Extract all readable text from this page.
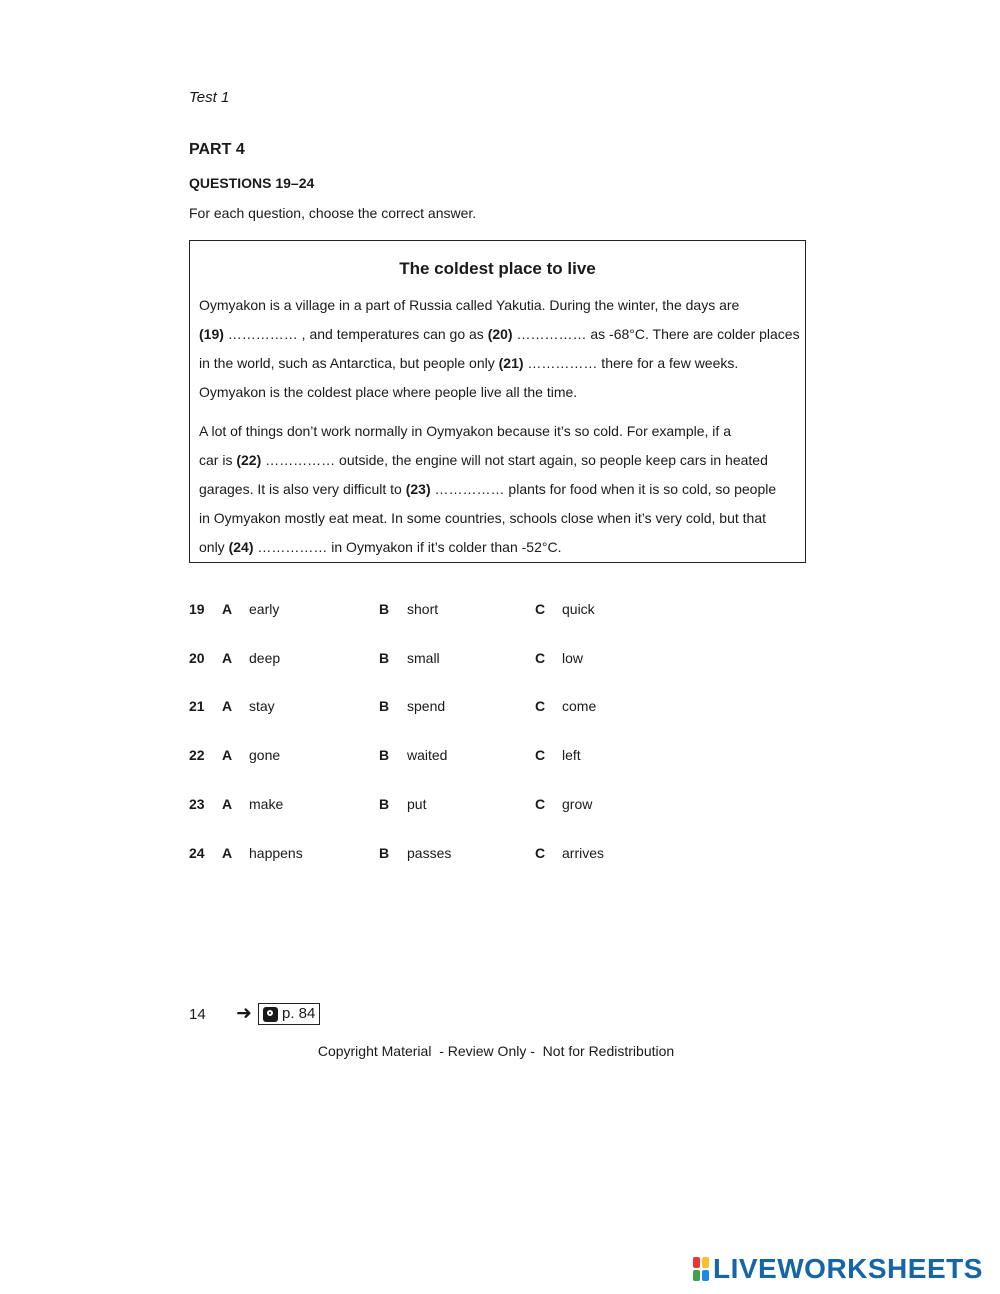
Test 1
PART 4
QUESTIONS 19–24
For each question, choose the correct answer.
The coldest place to live
Oymyakon is a village in a part of Russia called Yakutia. During the winter, the days are
(19) …………… , and temperatures can go as (20) …………… as -68°C. There are colder places
in the world, such as Antarctica, but people only (21) …………… there for a few weeks.
Oymyakon is the coldest place where people live all the time.
A lot of things don’t work normally in Oymyakon because it’s so cold. For example, if a
car is (22) …………… outside, the engine will not start again, so people keep cars in heated
garages. It is also very difficult to (23) …………… plants for food when it is so cold, so people
in Oymyakon mostly eat meat. In some countries, schools close when it’s very cold, but that
only (24) …………… in Oymyakon if it’s colder than -52°C.
19 A early	B short	C quick
20 A deep	B small	C low
21 A stay	B spend	C come
22 A gone	B waited	C left
23 A make	B put	C grow
24 A happens	B passes	C arrives
14 ➜ p. 84
Copyright Material  - Review Only -  Not for Redistribution
LIVEWORKSHEETS
